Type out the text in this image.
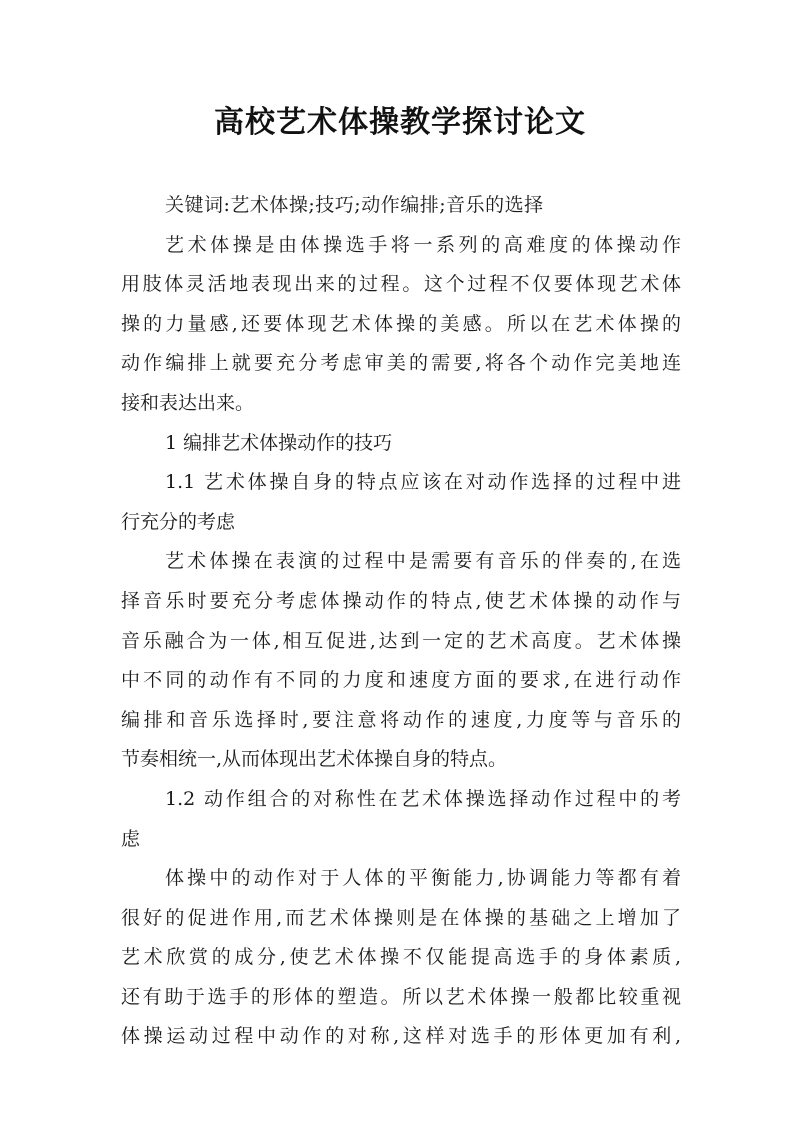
高校艺术体操教学探讨论文
关键词:艺术体操;技巧;动作编排;音乐的选择
艺术体操是由体操选手将一系列的高难度的体操动作
用肢体灵活地表现出来的过程。这个过程不仅要体现艺术体
操的力量感,还要体现艺术体操的美感。所以在艺术体操的
动作编排上就要充分考虑审美的需要,将各个动作完美地连
接和表达出来。
1 编排艺术体操动作的技巧
1.1 艺术体操自身的特点应该在对动作选择的过程中进
行充分的考虑
艺术体操在表演的过程中是需要有音乐的伴奏的,在选
择音乐时要充分考虑体操动作的特点,使艺术体操的动作与
音乐融合为一体,相互促进,达到一定的艺术高度。艺术体操
中不同的动作有不同的力度和速度方面的要求,在进行动作
编排和音乐选择时,要注意将动作的速度,力度等与音乐的
节奏相统一,从而体现出艺术体操自身的特点。
1.2 动作组合的对称性在艺术体操选择动作过程中的考
虑
体操中的动作对于人体的平衡能力,协调能力等都有着
很好的促进作用,而艺术体操则是在体操的基础之上增加了
艺术欣赏的成分,使艺术体操不仅能提高选手的身体素质,
还有助于选手的形体的塑造。所以艺术体操一般都比较重视
体操运动过程中动作的对称,这样对选手的形体更加有利,
